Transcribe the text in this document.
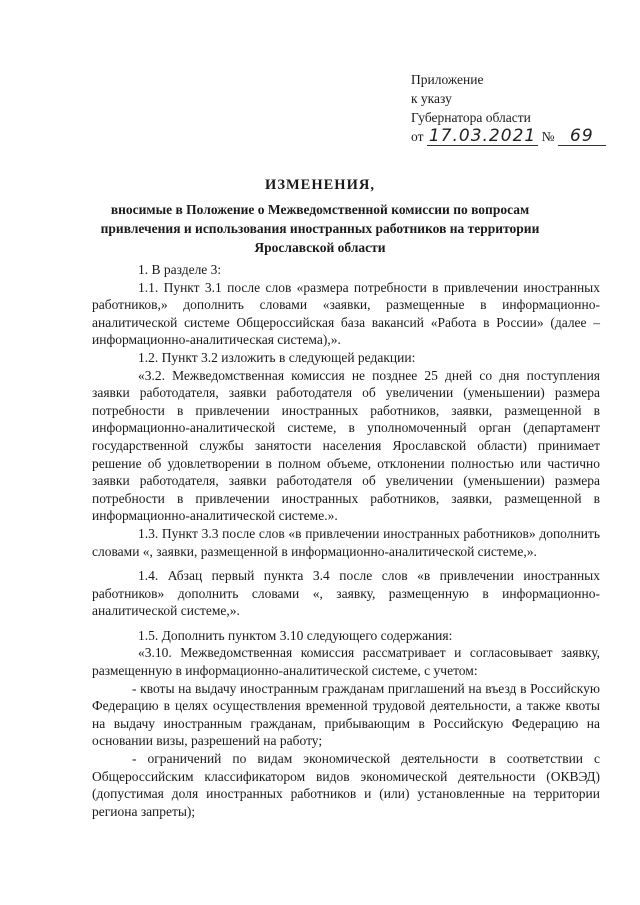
Приложение
к указу
Губернатора области
от 17.03.2021 № 69
ИЗМЕНЕНИЯ,
вносимые в Положение о Межведомственной комиссии по вопросам привлечения и использования иностранных работников на территории Ярославской области

1. В разделе 3:

1.1. Пункт 3.1 после слов «размера потребности в привлечении иностранных работников,» дополнить словами «заявки, размещенные в информационно-аналитической системе Общероссийская база вакансий «Работа в России» (далее – информационно-аналитическая система),».

1.2. Пункт 3.2 изложить в следующей редакции:

«3.2. Межведомственная комиссия не позднее 25 дней со дня поступления заявки работодателя, заявки работодателя об увеличении (уменьшении) размера потребности в привлечении иностранных работников, заявки, размещенной в информационно-аналитической системе, в уполномоченный орган (департамент государственной службы занятости населения Ярославской области) принимает решение об удовлетворении в полном объеме, отклонении полностью или частично заявки работодателя, заявки работодателя об увеличении (уменьшении) размера потребности в привлечении иностранных работников, заявки, размещенной в информационно-аналитической системе.».

1.3. Пункт 3.3 после слов «в привлечении иностранных работников» дополнить словами «, заявки, размещенной в информационно-аналитической системе,».

1.4. Абзац первый пункта 3.4 после слов «в привлечении иностранных работников» дополнить словами «, заявку, размещенную в информационно-аналитической системе,».

1.5. Дополнить пунктом 3.10 следующего содержания:

«3.10. Межведомственная комиссия рассматривает и согласовывает заявку, размещенную в информационно-аналитической системе, с учетом:

- квоты на выдачу иностранным гражданам приглашений на въезд в Российскую Федерацию в целях осуществления временной трудовой деятельности, а также квоты на выдачу иностранным гражданам, прибывающим в Российскую Федерацию на основании визы, разрешений на работу;

- ограничений по видам экономической деятельности в соответствии с Общероссийским классификатором видов экономической деятельности (ОКВЭД) (допустимая доля иностранных работников и (или) установленные на территории региона запреты);
